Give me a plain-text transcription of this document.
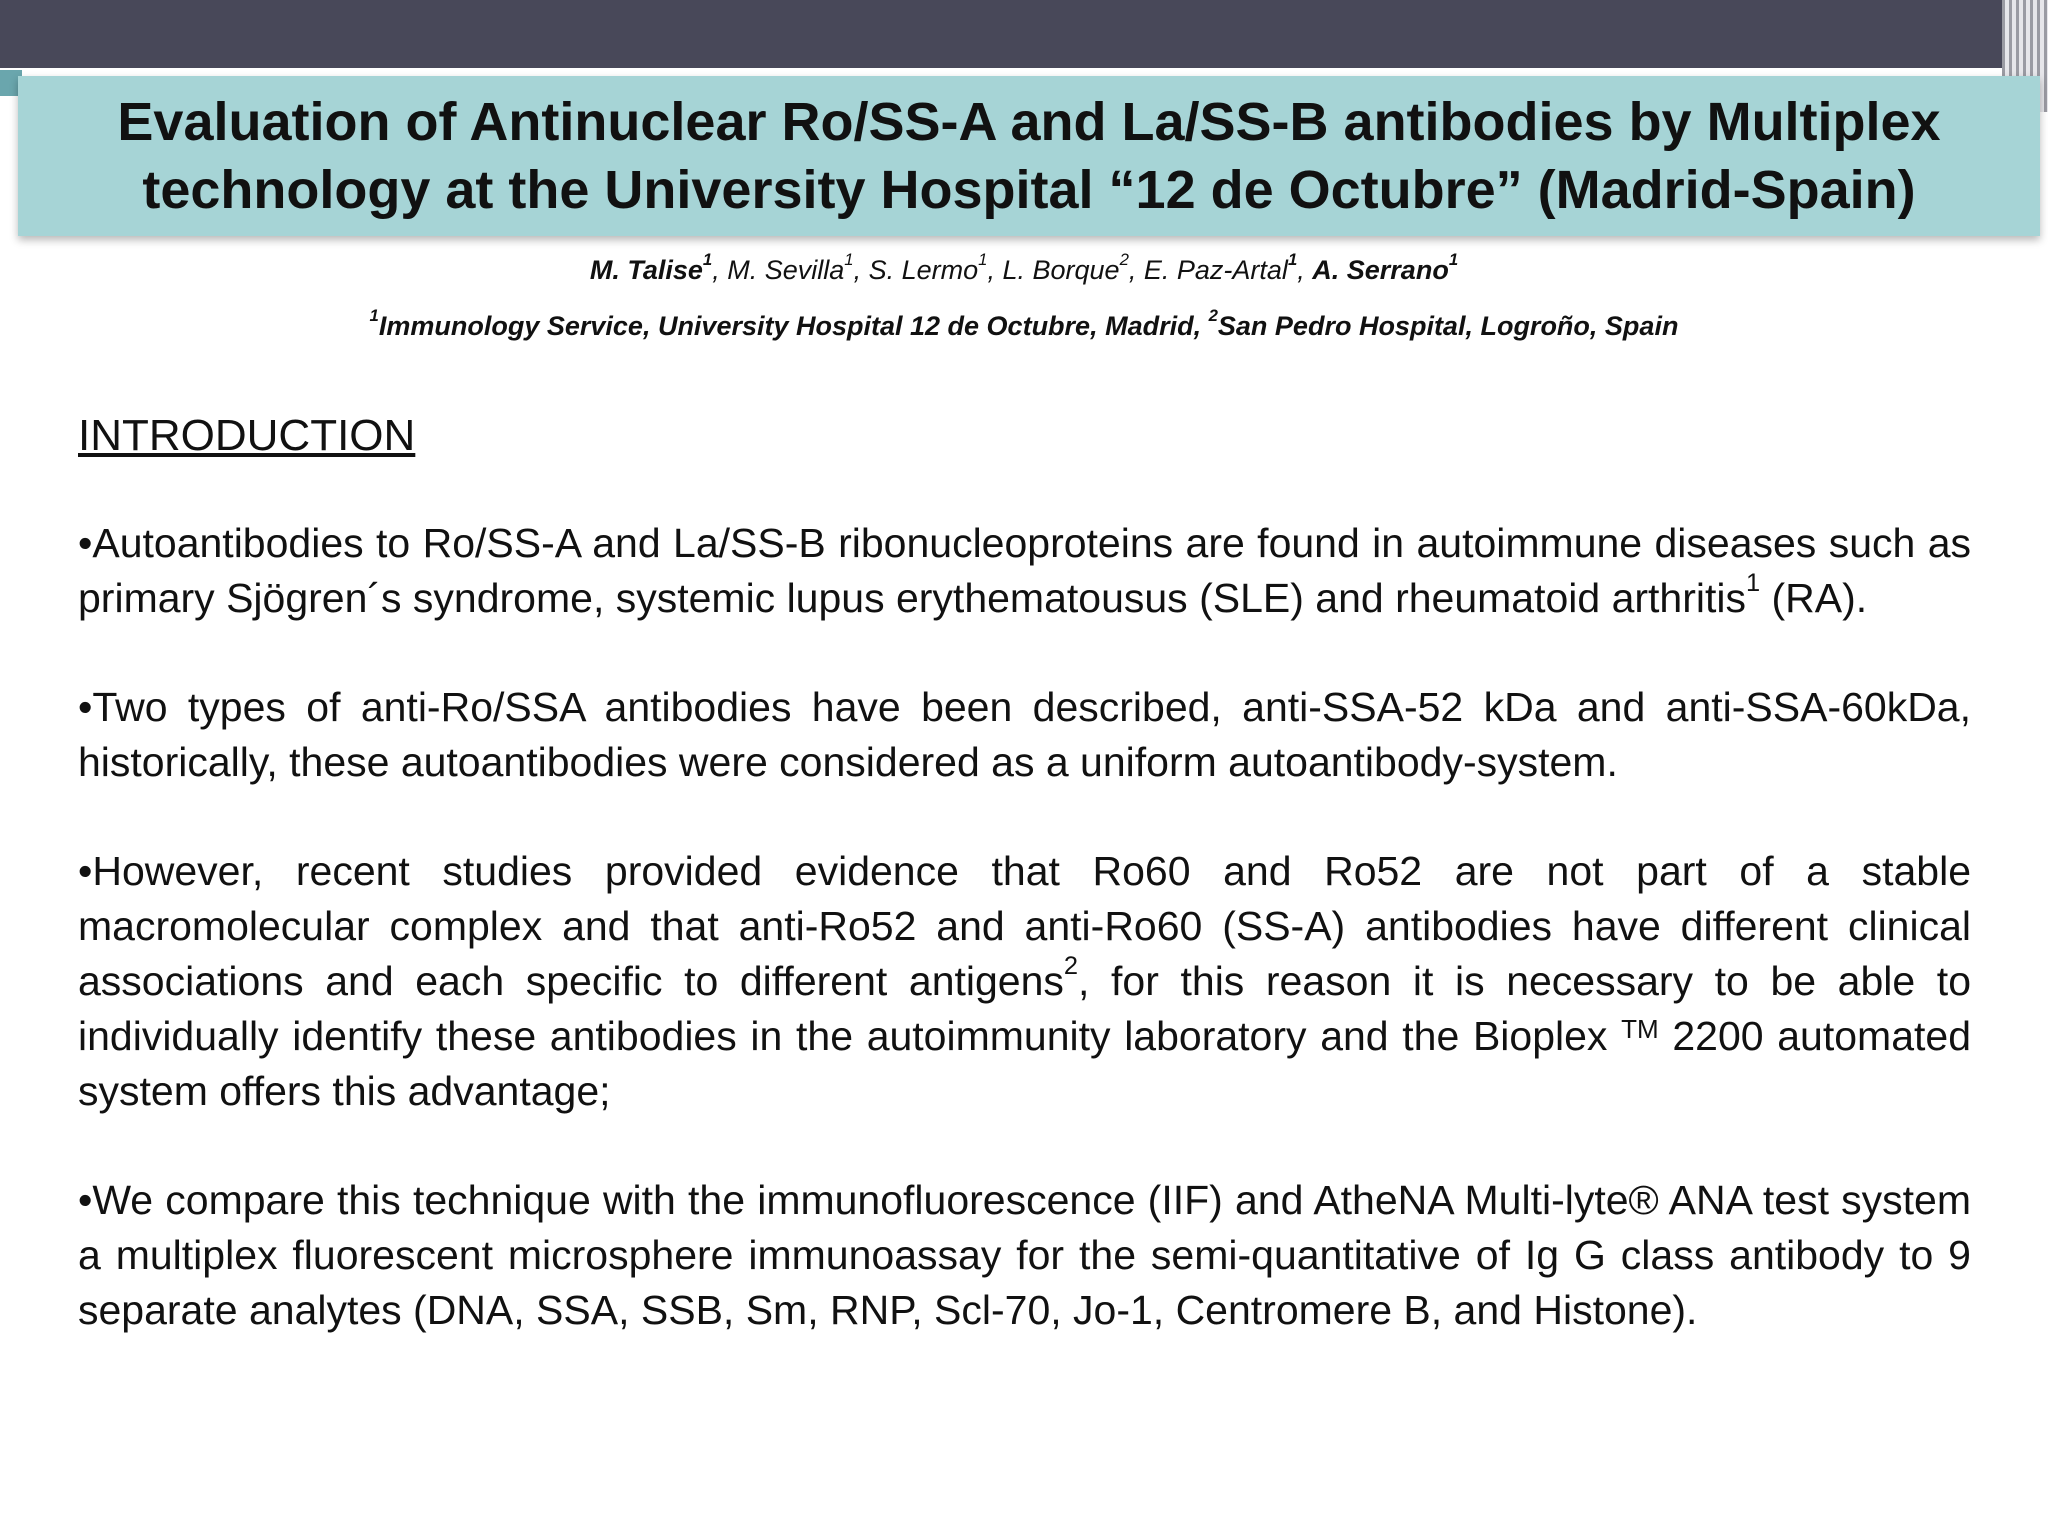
Evaluation of Antinuclear Ro/SS-A and La/SS-B antibodies by Multiplex
technology at the University Hospital “12 de Octubre” (Madrid-Spain)
M. Talise$^1$, M. Sevilla$^1$, S. Lermo$^1$, L. Borque$^2$, E. Paz-Artal$^1$, A. Serrano$^1$
$^1$Immunology Service, University Hospital 12 de Octubre, Madrid, $^2$San Pedro Hospital, Logroño, Spain
INTRODUCTION

•Autoantibodies to Ro/SS-A and La/SS-B ribonucleoproteins are found in autoimmune diseases such as primary Sjögren´s syndrome, systemic lupus erythematousus (SLE) and rheumatoid arthritis$^1$ (RA).

•Two types of anti-Ro/SSA antibodies have been described, anti-SSA-52 kDa and anti-SSA-60kDa, historically, these autoantibodies were considered as a uniform autoantibody-system.

•However, recent studies provided evidence that Ro60 and Ro52 are not part of a stable macromolecular complex and that anti-Ro52 and anti-Ro60 (SS-A) antibodies have different clinical associations and each specific to different antigens$^2$, for this reason it is necessary to be able to individually identify these antibodies in the autoimmunity laboratory and the Bioplex ™ 2200 automated system offers this advantage;

•We compare this technique with the immunofluorescence (IIF) and AtheNA Multi-lyte® ANA test system a multiplex fluorescent microsphere immunoassay for the semi-quantitative of Ig G class antibody to 9 separate analytes (DNA, SSA, SSB, Sm, RNP, Scl-70, Jo-1, Centromere B, and Histone).
